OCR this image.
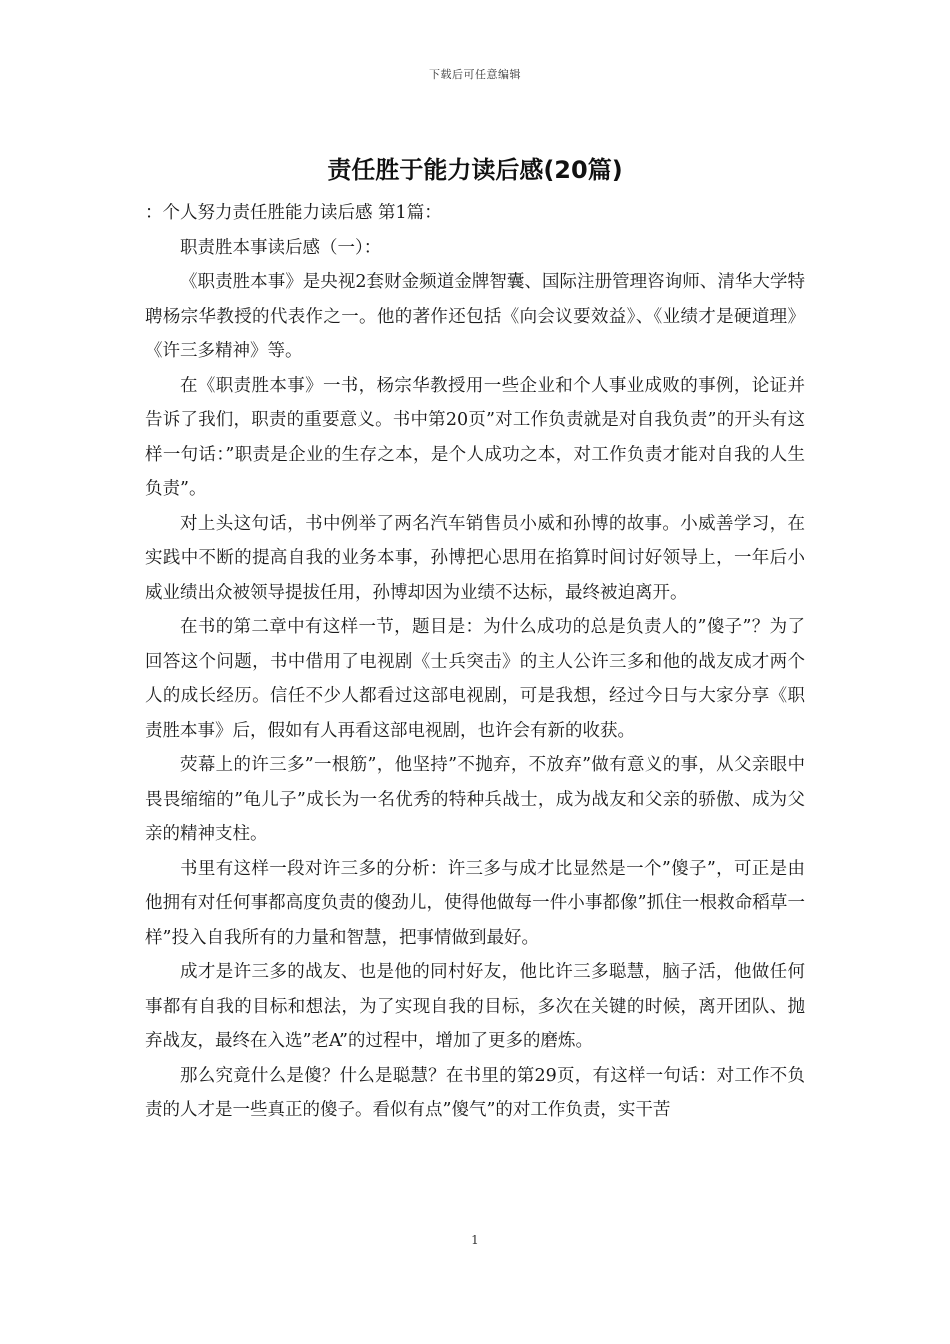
下载后可任意编辑
责任胜于能力读后感(20篇)

：个人努力责任胜能力读后感 第1篇：

职责胜本事读后感（一）：

《职责胜本事》是央视2套财金频道金牌智囊、国际注册管理咨询师、清华大学特聘杨宗华教授的代表作之一。他的著作还包括《向会议要效益》、《业绩才是硬道理》《许三多精神》等。

在《职责胜本事》一书，杨宗华教授用一些企业和个人事业成败的事例，论证并告诉了我们，职责的重要意义。书中第20页”对工作负责就是对自我负责”的开头有这样一句话：”职责是企业的生存之本，是个人成功之本，对工作负责才能对自我的人生负责”。

对上头这句话，书中例举了两名汽车销售员小威和孙博的故事。小威善学习，在实践中不断的提高自我的业务本事，孙博把心思用在掐算时间讨好领导上，一年后小威业绩出众被领导提拔任用，孙博却因为业绩不达标，最终被迫离开。

在书的第二章中有这样一节，题目是：为什么成功的总是负责人的”傻子”？为了回答这个问题，书中借用了电视剧《士兵突击》的主人公许三多和他的战友成才两个人的成长经历。信任不少人都看过这部电视剧，可是我想，经过今日与大家分享《职责胜本事》后，假如有人再看这部电视剧，也许会有新的收获。

荧幕上的许三多”一根筋”，他坚持”不抛弃，不放弃”做有意义的事，从父亲眼中畏畏缩缩的”龟儿子”成长为一名优秀的特种兵战士，成为战友和父亲的骄傲、成为父亲的精神支柱。

书里有这样一段对许三多的分析：许三多与成才比显然是一个”傻子”，可正是由他拥有对任何事都高度负责的傻劲儿，使得他做每一件小事都像”抓住一根救命稻草一样”投入自我所有的力量和智慧，把事情做到最好。

成才是许三多的战友、也是他的同村好友，他比许三多聪慧，脑子活，他做任何事都有自我的目标和想法，为了实现自我的目标，多次在关键的时候，离开团队、抛弃战友，最终在入选”老A”的过程中，增加了更多的磨炼。

那么究竟什么是傻？什么是聪慧？在书里的第29页，有这样一句话：对工作不负责的人才是一些真正的傻子。看似有点”傻气”的对工作负责，实干苦

1
